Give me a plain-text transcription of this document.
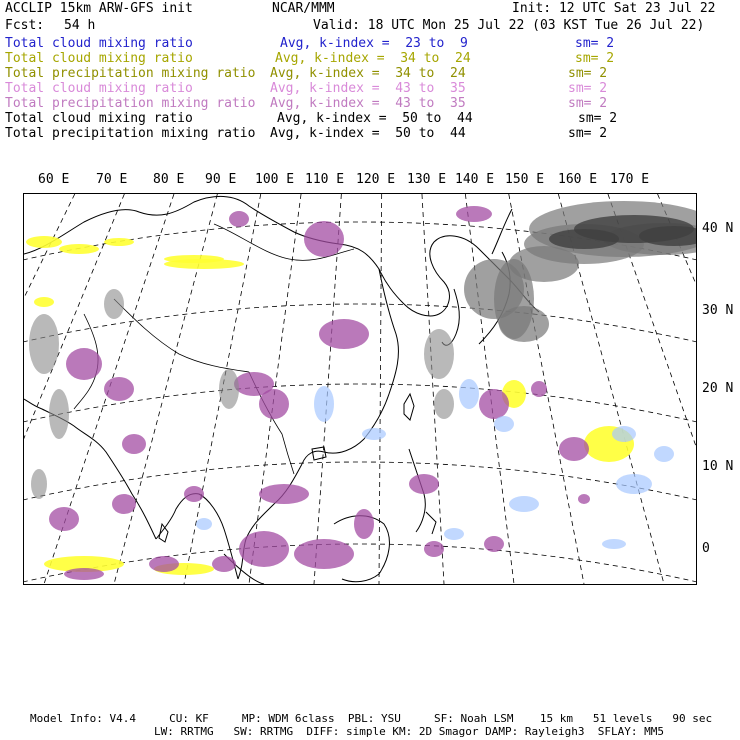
ACCLIP 15km ARW-GFS init	NCAR/MMM	Init: 12 UTC Sat 23 Jul 22
Fcst: 54 h	Valid: 18 UTC Mon 25 Jul 22 (03 KST Tue 26 Jul 22)
Total cloud mixing ratio	Avg, k-index =  23 to  9	sm= 2
Total cloud mixing ratio	Avg, k-index =  34 to  24	sm= 2
Total precipitation mixing ratio Avg, k-index =  34 to  24	sm= 2
Total cloud mixing ratio	Avg, k-index =  43 to  35	sm= 2
Total precipitation mixing ratio Avg, k-index =  43 to  35	sm= 2
Total cloud mixing ratio	Avg, k-index =  50 to  44	sm= 2
Total precipitation mixing ratio Avg, k-index =  50 to  44	sm= 2
60 E 70 E 80 E 90 E 100 E 110 E 120 E 130 E 140 E 150 E 160 E 170 E
40 N
30 N
20 N
10 N
0
Model Info: V4.4     CU: KF     MP: WDM 6class  PBL: YSU     SF: Noah LSM    15 km   51 levels   90 sec
LW: RRTMG   SW: RRTMG  DIFF: simple KM: 2D Smagor DAMP: Rayleigh3  SFLAY: MM5
